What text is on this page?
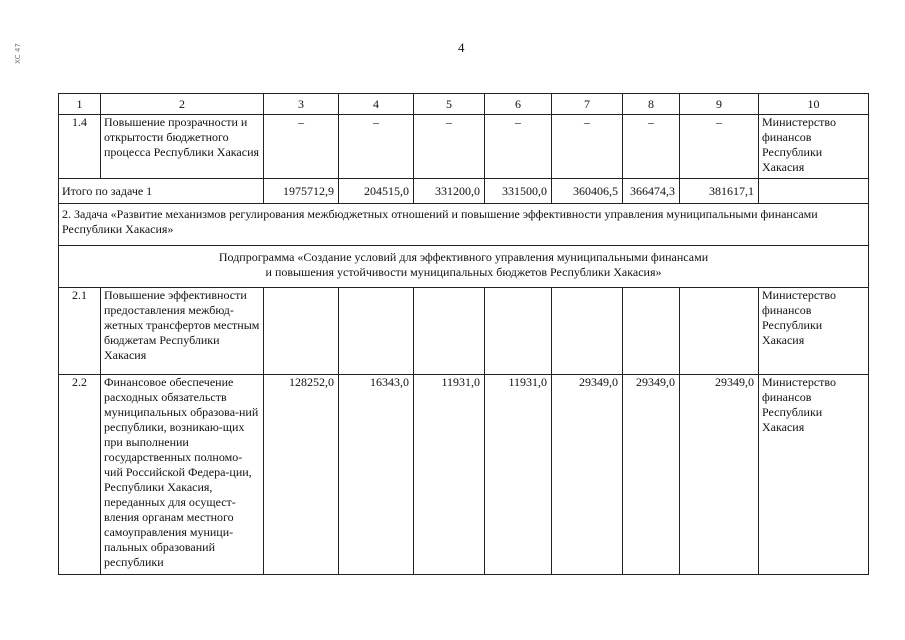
4
ХС 47
1	2	3	4	5	6	7	8	9	10
1.4	Повышение прозрачности и открытости бюджетного процесса Республики Хакасия	–	–	–	–	–	–	–	Министерство финансов Республики Хакасия
Итого по задаче 1		1975712,9	204515,0	331200,0	331500,0	360406,5	366474,3	381617,1	
2. Задача «Развитие механизмов регулирования межбюджетных отношений и повышение эффективности управления муниципальными финансами Республики Хакасия»									

Подпрограмма «Создание условий для эффективного управления муниципальными финансами
и повышения устойчивости муниципальных бюджетов Республики Хакасия»									

2.1	Повышение эффективности предоставления межбюд-жетных трансфертов местным бюджетам Республики Хакасия								Министерство финансов Республики Хакасия
2.2	Финансовое обеспечение расходных обязательств муниципальных образова-ний республики, возникаю-щих при выполнении государственных полномо-чий Российской Федера-ции, Республики Хакасия, переданных для осущест-вления органам местного самоуправления муници-пальных образований республики	128252,0	16343,0	11931,0	11931,0	29349,0	29349,0	29349,0	Министерство финансов Республики Хакасия
